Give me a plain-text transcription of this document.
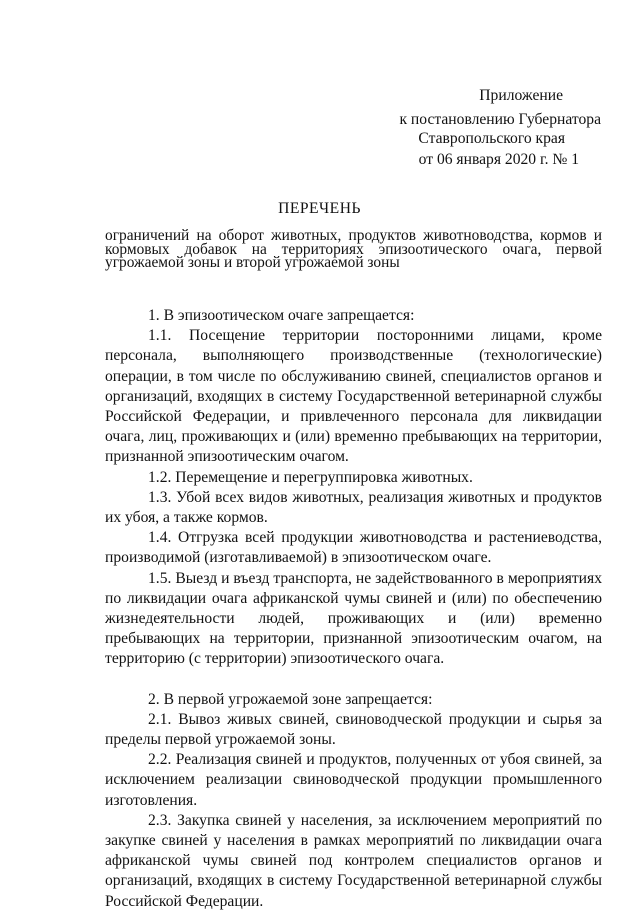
Приложение
к постановлению Губернатора
Ставропольского края
от 06 января 2020 г. № 1
ПЕРЕЧЕНЬ
ограничений на оборот животных, продуктов животноводства, кормов и кормовых добавок на территориях эпизоотического очага, первой угрожаемой зоны и второй угрожаемой зоны

1. В эпизоотическом очаге запрещается:

1.1. Посещение территории посторонними лицами, кроме персонала, выполняющего производственные (технологические) операции, в том числе по обслуживанию свиней, специалистов органов и организаций, входящих в систему Государственной ветеринарной службы Российской Федерации, и привлеченного персонала для ликвидации очага, лиц, проживающих и (или) временно пребывающих на территории, признанной эпизоотическим очагом.

1.2. Перемещение и перегруппировка животных.

1.3. Убой всех видов животных, реализация животных и продуктов их убоя, а также кормов.

1.4. Отгрузка всей продукции животноводства и растениеводства, производимой (изготавливаемой) в эпизоотическом очаге.

1.5. Выезд и въезд транспорта, не задействованного в мероприятиях по ликвидации очага африканской чумы свиней и (или) по обеспечению жизнедеятельности людей, проживающих и (или) временно пребывающих на территории, признанной эпизоотическим очагом, на территорию (с территории) эпизоотического очага.

2. В первой угрожаемой зоне запрещается:

2.1. Вывоз живых свиней, свиноводческой продукции и сырья за пределы первой угрожаемой зоны.

2.2. Реализация свиней и продуктов, полученных от убоя свиней, за исключением реализации свиноводческой продукции промышленного изготовления.

2.3. Закупка свиней у населения, за исключением мероприятий по закупке свиней у населения в рамках мероприятий по ликвидации очага африканской чумы свиней под контролем специалистов органов и организаций, входящих в систему Государственной ветеринарной службы Российской Федерации.
